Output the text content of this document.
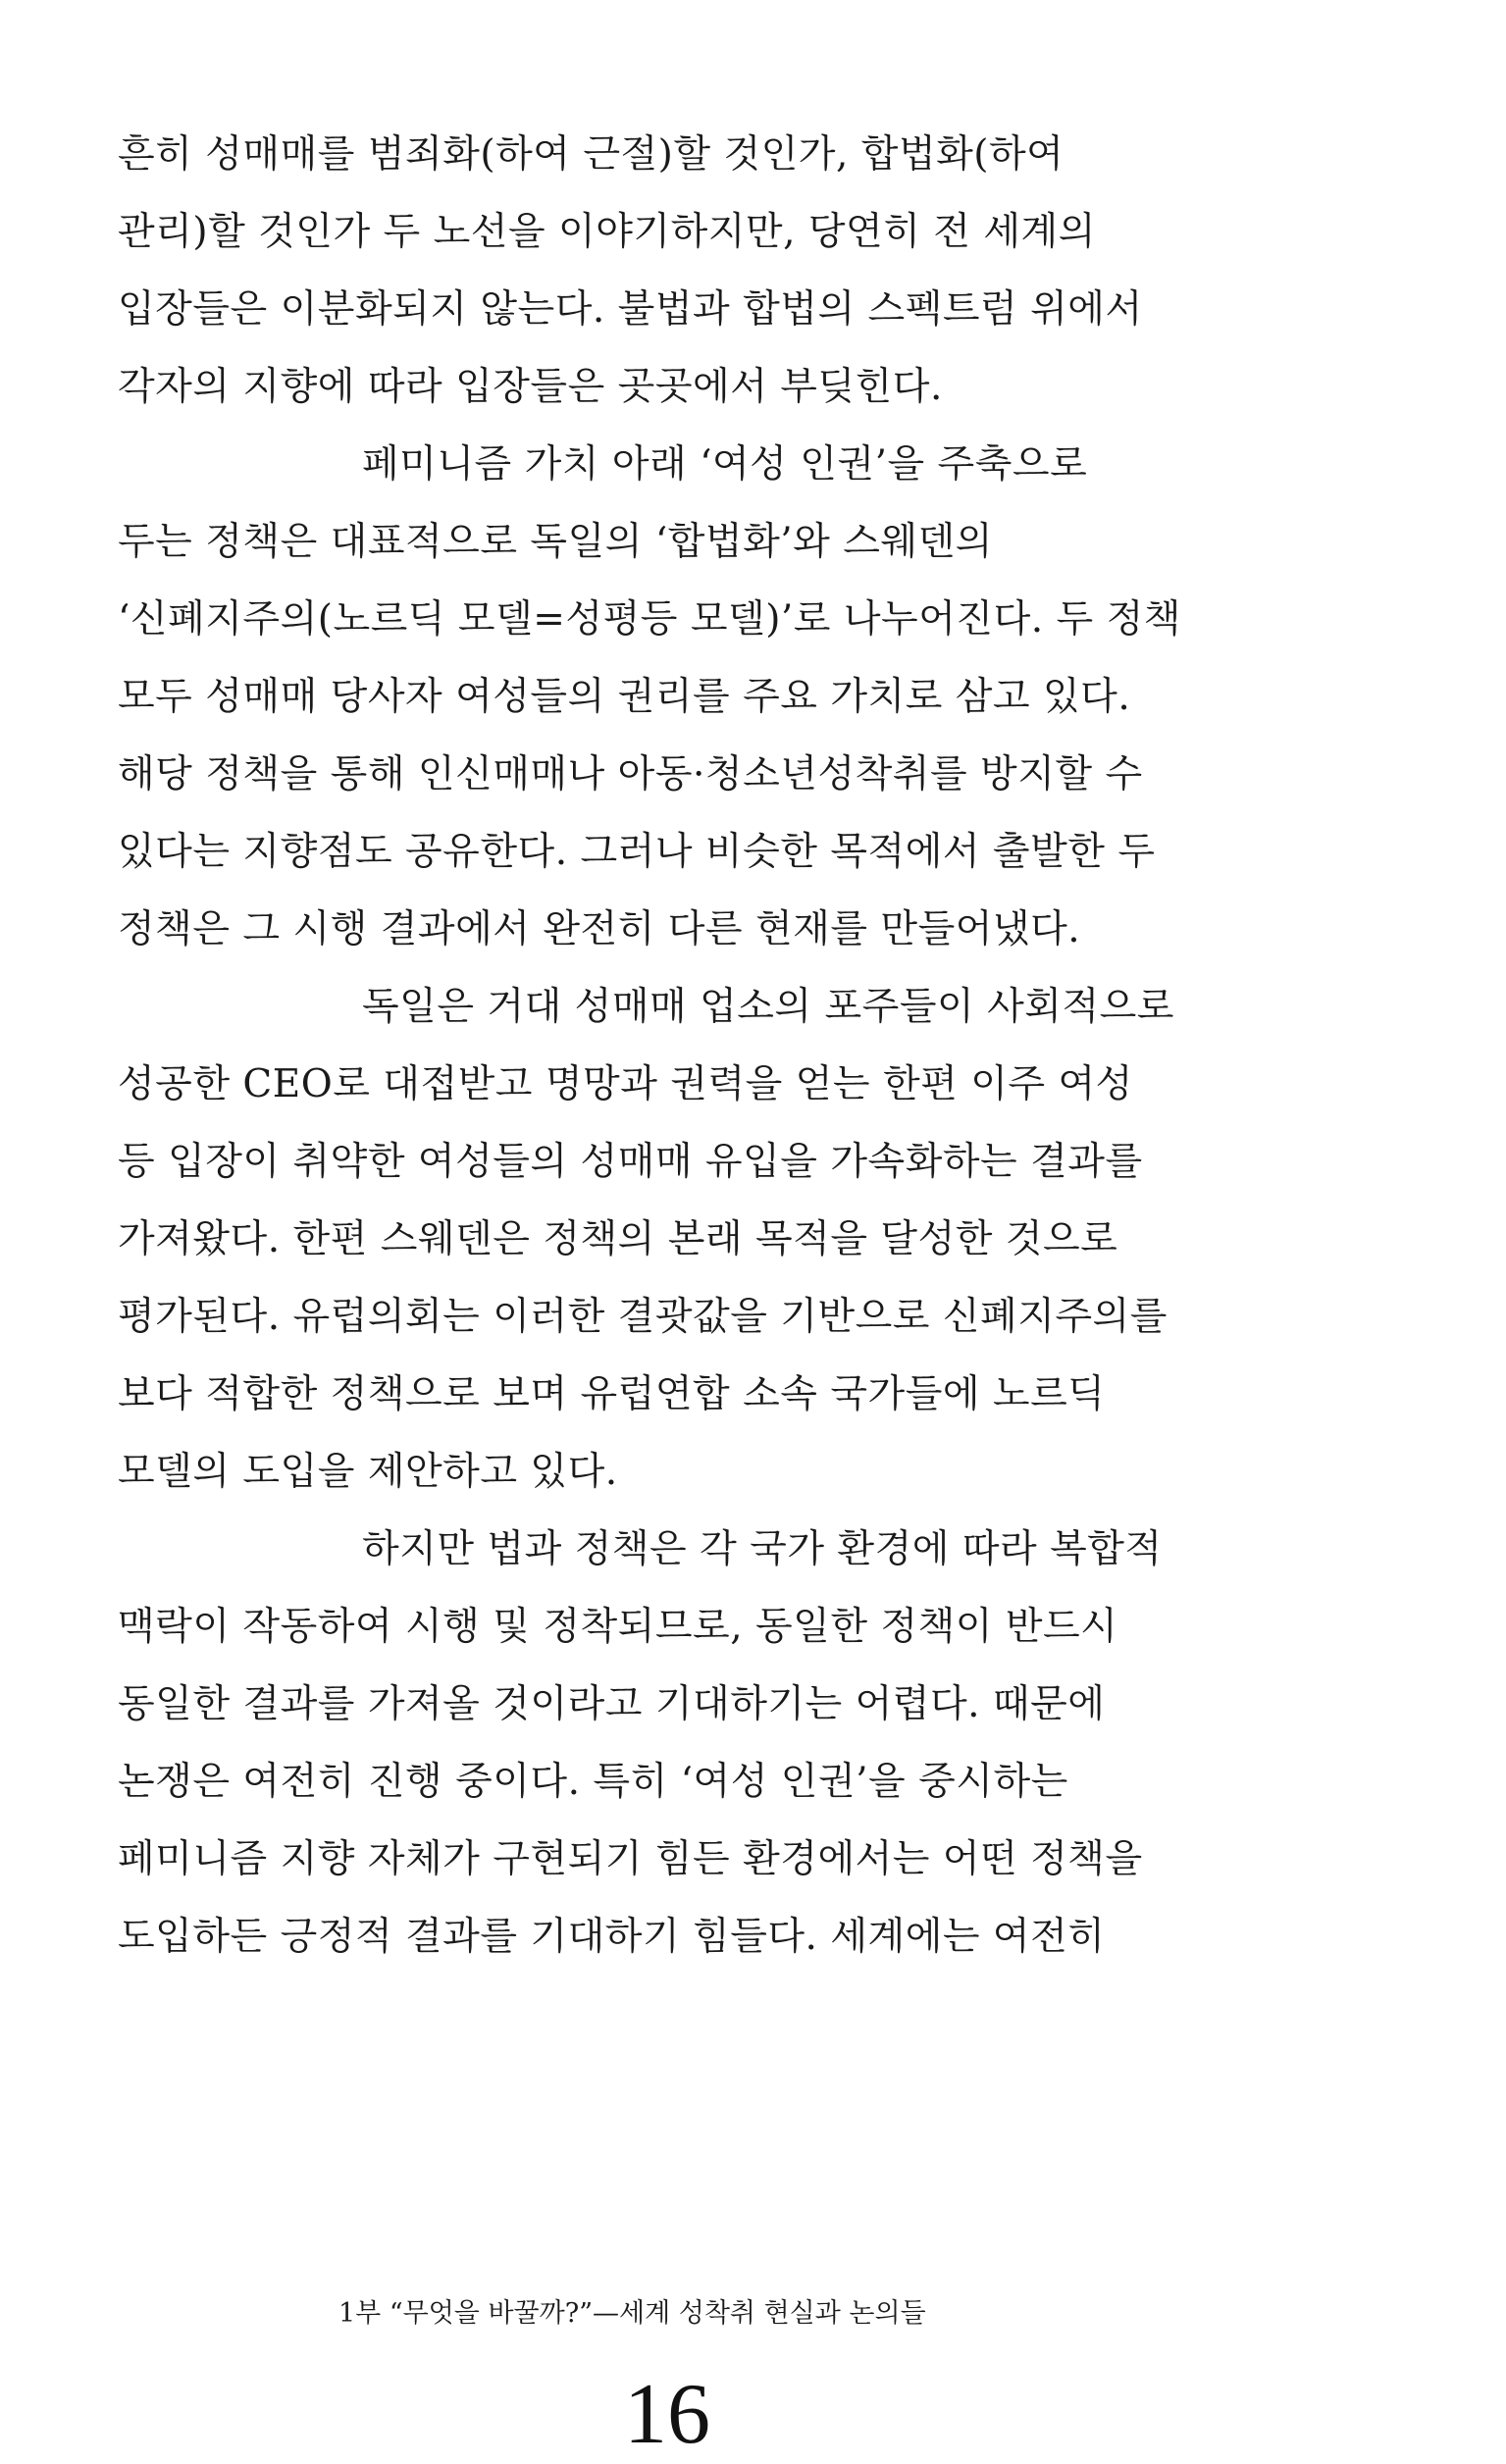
흔히 성매매를 범죄화(하여 근절)할 것인가, 합법화(하여
관리)할 것인가 두 노선을 이야기하지만, 당연히 전 세계의
입장들은 이분화되지 않는다. 불법과 합법의 스펙트럼 위에서
각자의 지향에 따라 입장들은 곳곳에서 부딪힌다.
페미니즘 가치 아래 ‘여성 인권’을 주축으로
두는 정책은 대표적으로 독일의 ‘합법화’와 스웨덴의
‘신폐지주의(노르딕 모델=성평등 모델)’로 나누어진다. 두 정책
모두 성매매 당사자 여성들의 권리를 주요 가치로 삼고 있다.
해당 정책을 통해 인신매매나 아동·청소년성착취를 방지할 수
있다는 지향점도 공유한다. 그러나 비슷한 목적에서 출발한 두
정책은 그 시행 결과에서 완전히 다른 현재를 만들어냈다.
독일은 거대 성매매 업소의 포주들이 사회적으로
성공한 CEO로 대접받고 명망과 권력을 얻는 한편 이주 여성
등 입장이 취약한 여성들의 성매매 유입을 가속화하는 결과를
가져왔다. 한편 스웨덴은 정책의 본래 목적을 달성한 것으로
평가된다. 유럽의회는 이러한 결괏값을 기반으로 신폐지주의를
보다 적합한 정책으로 보며 유럽연합 소속 국가들에 노르딕
모델의 도입을 제안하고 있다.
하지만 법과 정책은 각 국가 환경에 따라 복합적
맥락이 작동하여 시행 및 정착되므로, 동일한 정책이 반드시
동일한 결과를 가져올 것이라고 기대하기는 어렵다. 때문에
논쟁은 여전히 진행 중이다. 특히 ‘여성 인권’을 중시하는
페미니즘 지향 자체가 구현되기 힘든 환경에서는 어떤 정책을
도입하든 긍정적 결과를 기대하기 힘들다. 세계에는 여전히
1부 “무엇을 바꿀까?”—세계 성착취 현실과 논의들
16
